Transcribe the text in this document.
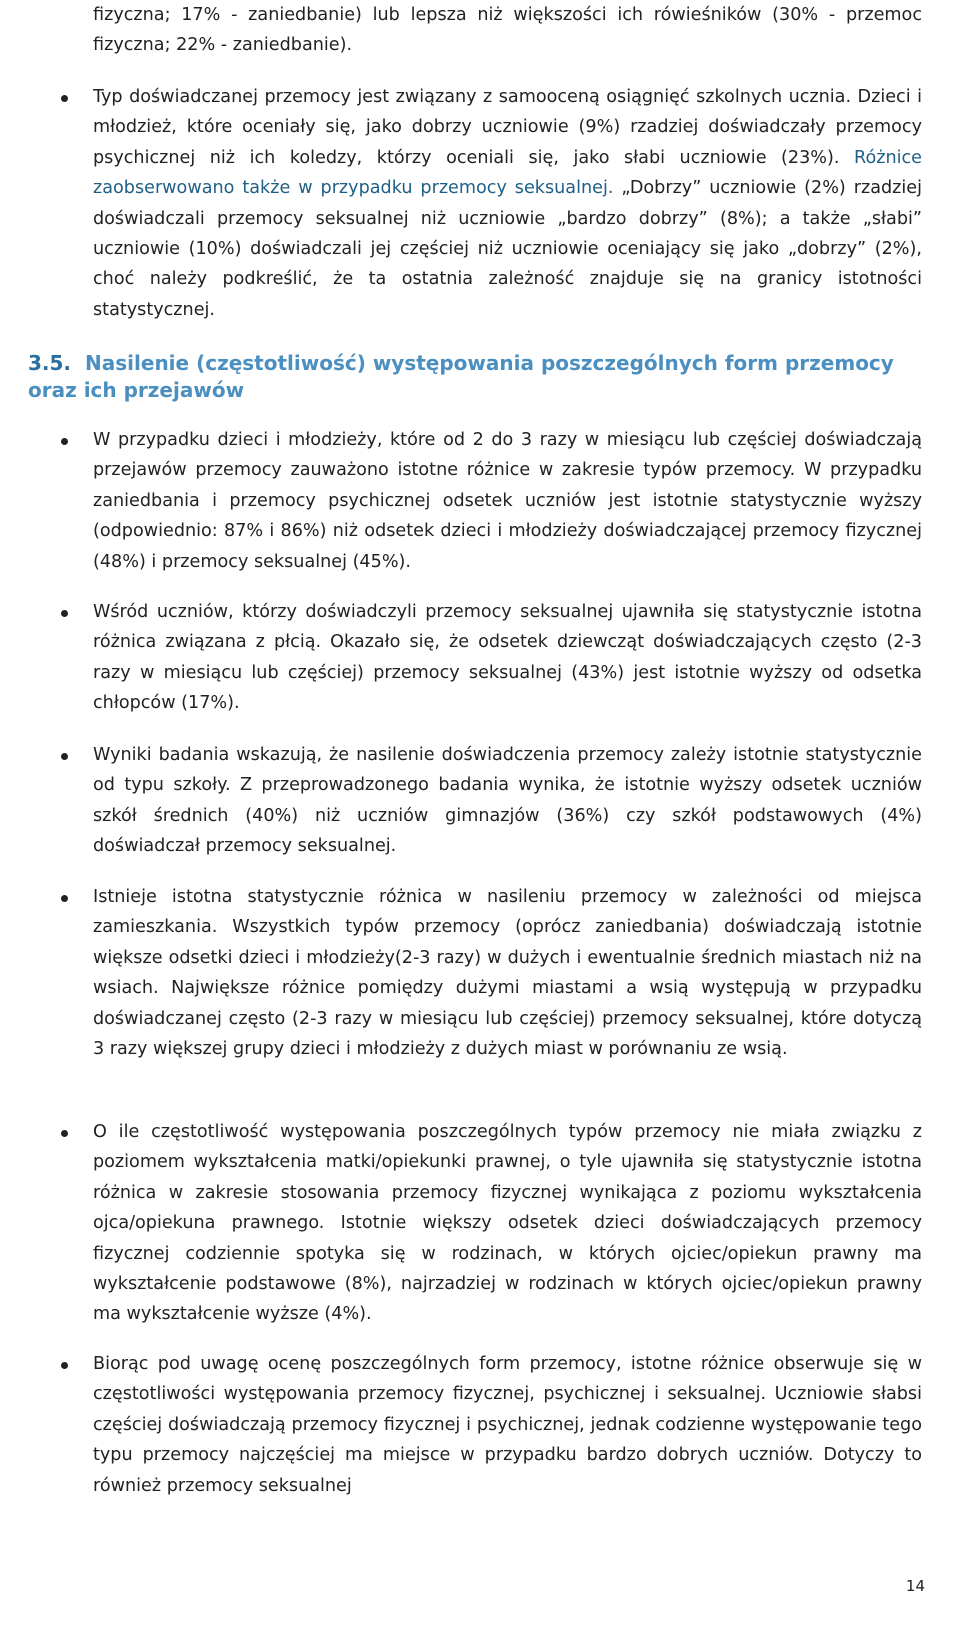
fizyczna; 17% - zaniedbanie) lub lepsza niż większości ich rówieśników (30% - przemoc fizyczna; 22% - zaniedbanie).

Typ doświadczanej przemocy jest związany z samooceną osiągnięć szkolnych ucznia. Dzieci i młodzież, które oceniały się, jako dobrzy uczniowie (9%) rzadziej doświadczały przemocy psychicznej niż ich koledzy, którzy oceniali się, jako słabi uczniowie (23%). Różnice zaobserwowano także w przypadku przemocy seksualnej. „Dobrzy” uczniowie (2%) rzadziej doświadczali przemocy seksualnej niż uczniowie „bardzo dobrzy” (8%); a także „słabi” uczniowie (10%) doświadczali jej częściej niż uczniowie oceniający się jako „dobrzy” (2%), choć należy podkreślić, że ta ostatnia zależność znajduje się na granicy istotności statystycznej.

3.5. Nasilenie (częstotliwość) występowania poszczególnych form przemocy oraz ich przejawów

W przypadku dzieci i młodzieży, które od 2 do 3 razy w miesiącu lub częściej doświadczają przejawów przemocy zauważono istotne różnice w zakresie typów przemocy. W przypadku zaniedbania i przemocy psychicznej odsetek uczniów jest istotnie statystycznie wyższy (odpowiednio: 87% i 86%) niż odsetek dzieci i młodzieży doświadczającej przemocy fizycznej (48%) i przemocy seksualnej (45%).

Wśród uczniów, którzy doświadczyli przemocy seksualnej ujawniła się statystycznie istotna różnica związana z płcią. Okazało się, że odsetek dziewcząt doświadczających często (2-3 razy w miesiącu lub częściej) przemocy seksualnej (43%) jest istotnie wyższy od odsetka chłopców (17%).

Wyniki badania wskazują, że nasilenie doświadczenia przemocy zależy istotnie statystycznie od typu szkoły. Z przeprowadzonego badania wynika, że istotnie wyższy odsetek uczniów szkół średnich (40%) niż uczniów gimnazjów (36%) czy szkół podstawowych (4%) doświadczał przemocy seksualnej.

Istnieje istotna statystycznie różnica w nasileniu przemocy w zależności od miejsca zamieszkania. Wszystkich typów przemocy (oprócz zaniedbania) doświadczają istotnie większe odsetki dzieci i młodzieży(2-3 razy) w dużych i ewentualnie średnich miastach niż na wsiach. Największe różnice pomiędzy dużymi miastami a wsią występują w przypadku doświadczanej często (2-3 razy w miesiącu lub częściej) przemocy seksualnej, które dotyczą 3 razy większej grupy dzieci i młodzieży z dużych miast w porównaniu ze wsią.

O ile częstotliwość występowania poszczególnych typów przemocy nie miała związku z poziomem wykształcenia matki/opiekunki prawnej, o tyle ujawniła się statystycznie istotna różnica w zakresie stosowania przemocy fizycznej wynikająca z poziomu wykształcenia ojca/opiekuna prawnego. Istotnie większy odsetek dzieci doświadczających przemocy fizycznej codziennie spotyka się w rodzinach, w których ojciec/opiekun prawny ma wykształcenie podstawowe (8%), najrzadziej w rodzinach w których ojciec/opiekun prawny ma wykształcenie wyższe (4%).

Biorąc pod uwagę ocenę poszczególnych form przemocy, istotne różnice obserwuje się w częstotliwości występowania przemocy fizycznej, psychicznej i seksualnej. Uczniowie słabsi częściej doświadczają przemocy fizycznej i psychicznej, jednak codzienne występowanie tego typu przemocy najczęściej ma miejsce w przypadku bardzo dobrych uczniów. Dotyczy to również przemocy seksualnej

14
